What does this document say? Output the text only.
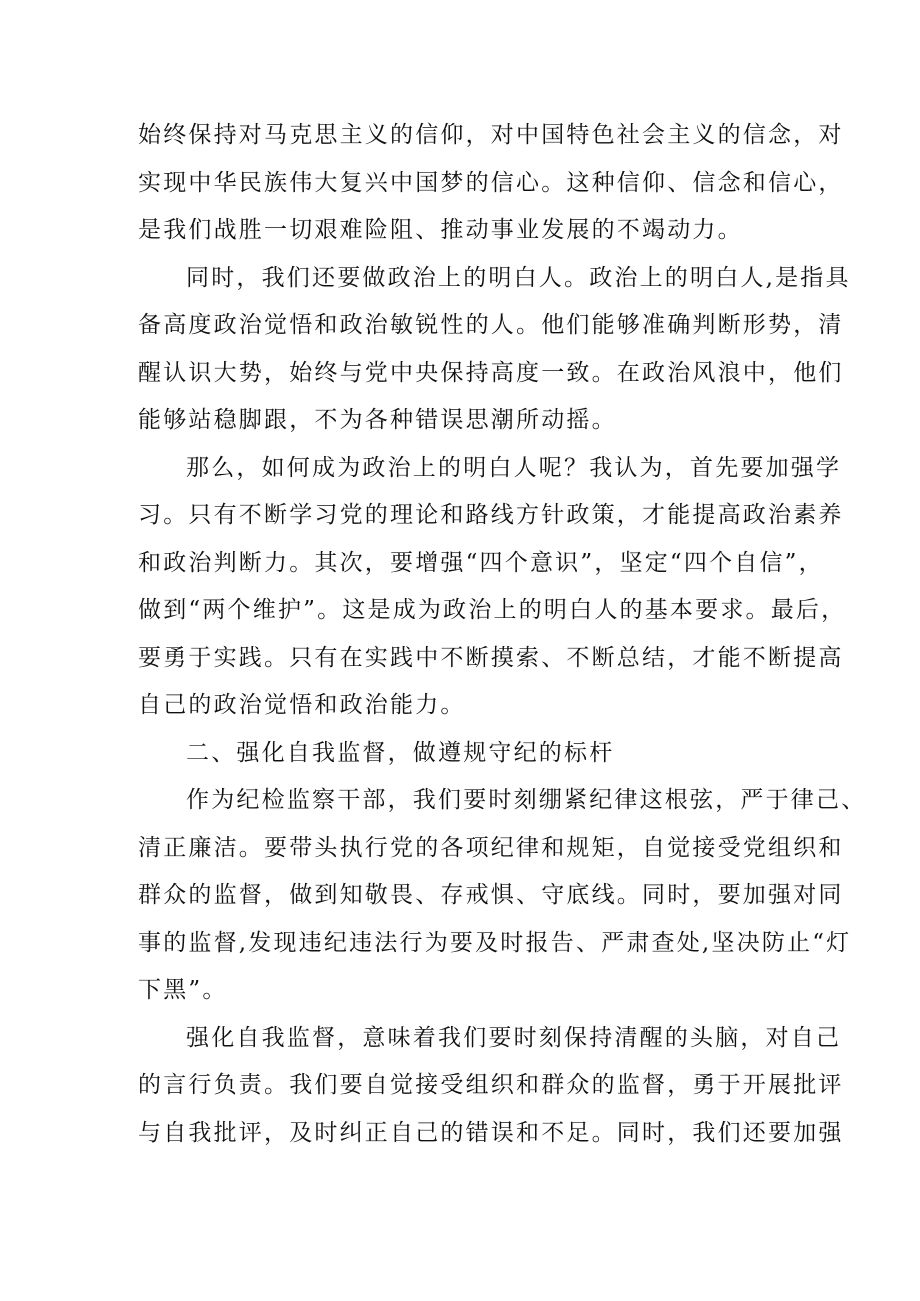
始终保持对马克思主义的信仰，对中国特色社会主义的信念，对
实现中华民族伟大复兴中国梦的信心。这种信仰、信念和信心，
是我们战胜一切艰难险阻、推动事业发展的不竭动力。
同时，我们还要做政治上的明白人。政治上的明白人,是指具
备高度政治觉悟和政治敏锐性的人。他们能够准确判断形势，清
醒认识大势，始终与党中央保持高度一致。在政治风浪中，他们
能够站稳脚跟，不为各种错误思潮所动摇。
那么，如何成为政治上的明白人呢？我认为，首先要加强学
习。只有不断学习党的理论和路线方针政策，才能提高政治素养
和政治判断力。其次，要增强“四个意识”，坚定“四个自信”，
做到“两个维护”。这是成为政治上的明白人的基本要求。最后，
要勇于实践。只有在实践中不断摸索、不断总结，才能不断提高
自己的政治觉悟和政治能力。
二、强化自我监督，做遵规守纪的标杆
作为纪检监察干部，我们要时刻绷紧纪律这根弦，严于律己、
清正廉洁。要带头执行党的各项纪律和规矩，自觉接受党组织和
群众的监督，做到知敬畏、存戒惧、守底线。同时，要加强对同
事的监督,发现违纪违法行为要及时报告、严肃查处,坚决防止“灯
下黑”。
强化自我监督，意味着我们要时刻保持清醒的头脑，对自己
的言行负责。我们要自觉接受组织和群众的监督，勇于开展批评
与自我批评，及时纠正自己的错误和不足。同时，我们还要加强
